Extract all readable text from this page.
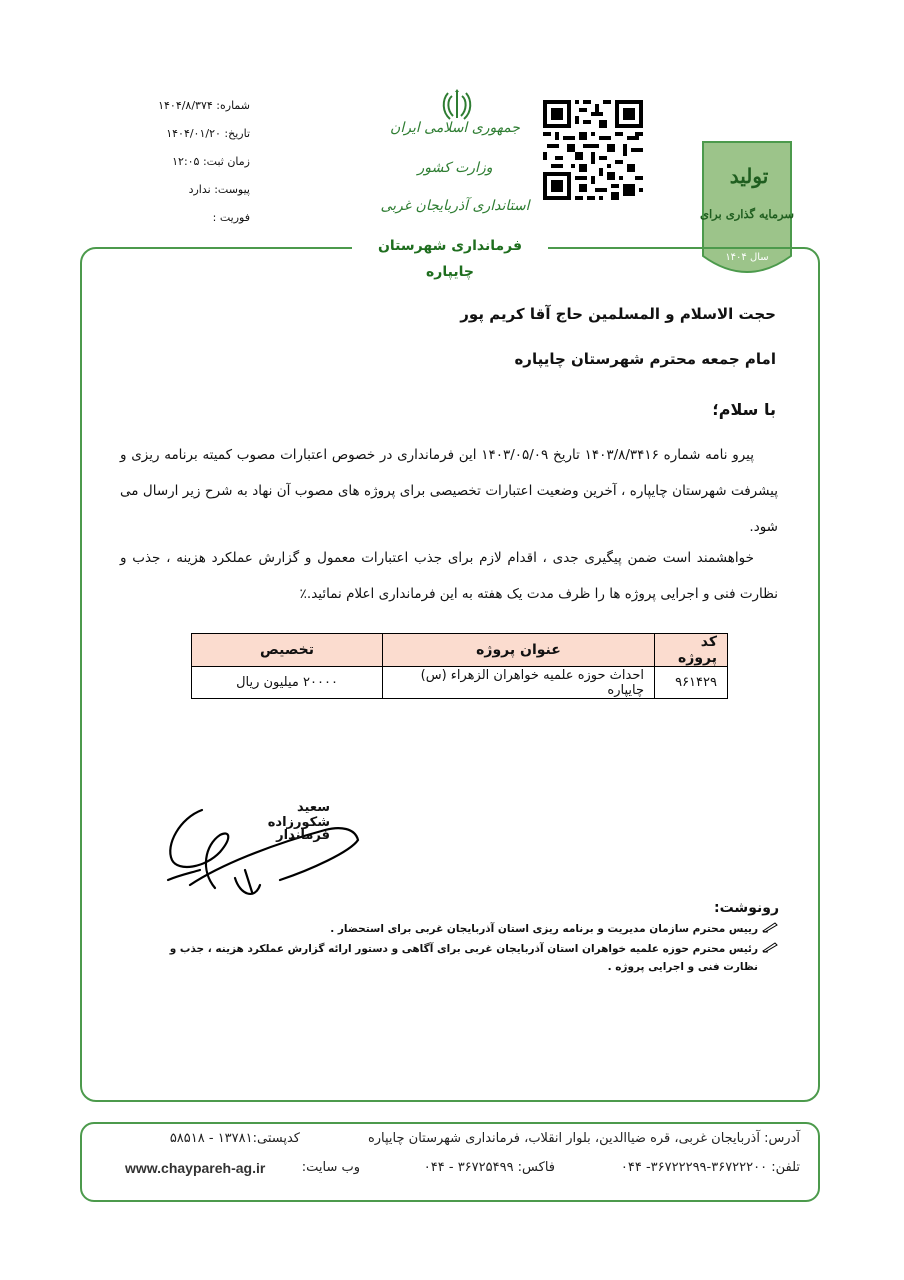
شماره: ۱۴۰۴/۸/۳۷۴
تاریخ: ۱۴۰۴/۰۱/۲۰
زمان ثبت: ۱۲:۰۵
پیوست: ندارد
فوریت :
جمهوری اسلامی ایران
وزارت کشور
استانداری آذربایجان غربی
تولید
سرمایه گذاری برای
سال ۱۴۰۴
فرمانداری شهرستان چایپاره
حجت الاسلام و المسلمین حاج آقا کریم پور
امام جمعه محترم شهرستان چایپاره
با سلام؛
پیرو نامه شماره ۱۴۰۳/۸/۳۴۱۶ تاریخ ۱۴۰۳/۰۵/۰۹ این فرمانداری در خصوص اعتبارات مصوب کمیته برنامه ریزی و پیشرفت شهرستان چایپاره ، آخرین وضعیت اعتبارات تخصیصی برای پروژه های مصوب آن نهاد به شرح زیر ارسال می شود.
خواهشمند است ضمن پیگیری جدی ، اقدام لازم برای جذب اعتبارات معمول و گزارش عملکرد هزینه ، جذب و نظارت فنی و اجرایی پروژه ها را ظرف مدت یک هفته به این فرمانداری اعلام نمائید.٪
کد پروژه	عنوان پروژه	تخصیص
۹۶۱۴۲۹	احداث حوزه علمیه خواهران الزهراء (س) چایپاره	۲۰۰۰۰ میلیون ریال
سعید شکورزاده
فرماندار
رونوشت:
رییس محترم سازمان مدیریت و برنامه ریزی استان آذربایجان غربی برای استحضار .
رئیس محترم حوزه علمیه خواهران استان آذربایجان غربی برای آگاهی و دستور ارائه گزارش عملکرد هزینه ، جذب و نظارت فنی و اجرایی پروژه .
آدرس: آذربایجان غربی، قره ضیاالدین، بلوار انقلاب، فرمانداری شهرستان چایپاره
کدپستی:۱۳۷۸۱ - ۵۸۵۱۸
تلفن: ۳۶۷۲۲۲۰۰-۳۶۷۲۲۲۹۹- ۰۴۴
فاکس: ۳۶۷۲۵۴۹۹ - ۰۴۴
وب سایت:
www.chaypareh-ag.ir
